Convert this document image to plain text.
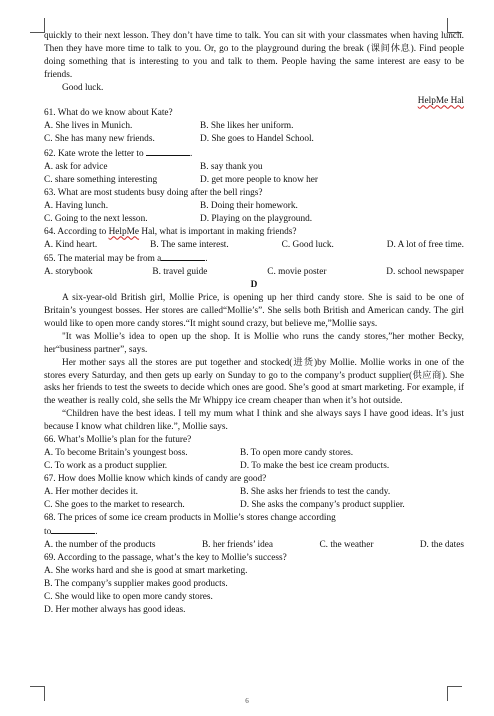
quickly to their next lesson. They don’t have time to talk. You can sit with your classmates when having lunch. Then they have more time to talk to you. Or, go to the playground during the break (课间休息). Find people doing something that is interesting to you and talk to them. People having the same interest are easy to be friends.

Good luck.

HelpMe Hal

61. What do we know about Kate?

A. She lives in Munich.	B. She likes her uniform.
C. She has many new friends.	D. She goes to Handel School.

62. Kate wrote the letter to	.

A. ask for advice	B. say thank you
C. share something interesting	D. get more people to know her

63. What are most students busy doing after the bell rings?

A. Having lunch.	B. Doing their homework.
C. Going to the next lesson.	D. Playing on the playground.

64. According to HelpMe Hal, what is important in making friends?

A. Kind heart.	B. The same interest.	C. Good luck.	D. A lot of free time.

65. The material may be from a	.

A. storybook	B. travel guide	C. movie poster	D. school newspaper

D

A six-year-old British girl, Mollie Price, is opening up her third candy store. She is said to be one of Britain’s youngest bosses. Her stores are called“Mollie’s”. She sells both British and American candy. The girl would like to open more candy stores.“It might sound crazy, but believe me,”Mollie says.

"It was Mollie’s idea to open up the shop. It is Mollie who runs the candy stores,”her mother Becky, her“business partner”, says.

Her mother says all the stores are put together and stocked(进货)by Mollie. Mollie works in one of the stores every Saturday, and then gets up early on Sunday to go to the company’s product supplier(供应商). She asks her friends to test the sweets to decide which ones are good. She’s good at smart marketing. For example, if the weather is really cold, she sells the Mr Whippy ice cream cheaper than when it’s hot outside.

“Children have the best ideas. I tell my mum what I think and she always says I have good ideas. It’s just because I know what children like.”, Mollie says.

66. What’s Mollie’s plan for the future?

A. To become Britain’s youngest boss.	B. To open more candy stores.
C. To work as a product supplier.	D. To make the best ice cream products.

67. How does Mollie know which kinds of candy are good?

A. Her mother decides it.	B. She asks her friends to test the candy.
C. She goes to the market to research.	D. She asks the company’s product supplier.

68. The prices of some ice cream products in Mollie’s stores change according

to	.

A. the number of the products	B. her friends’ idea	C. the weather	D. the dates

69. According to the passage, what’s the key to Mollie’s success?

A. She works hard and she is good at smart marketing.

B. The company’s supplier makes good products.

C. She would like to open more candy stores.

D. Her mother always has good ideas.

6
